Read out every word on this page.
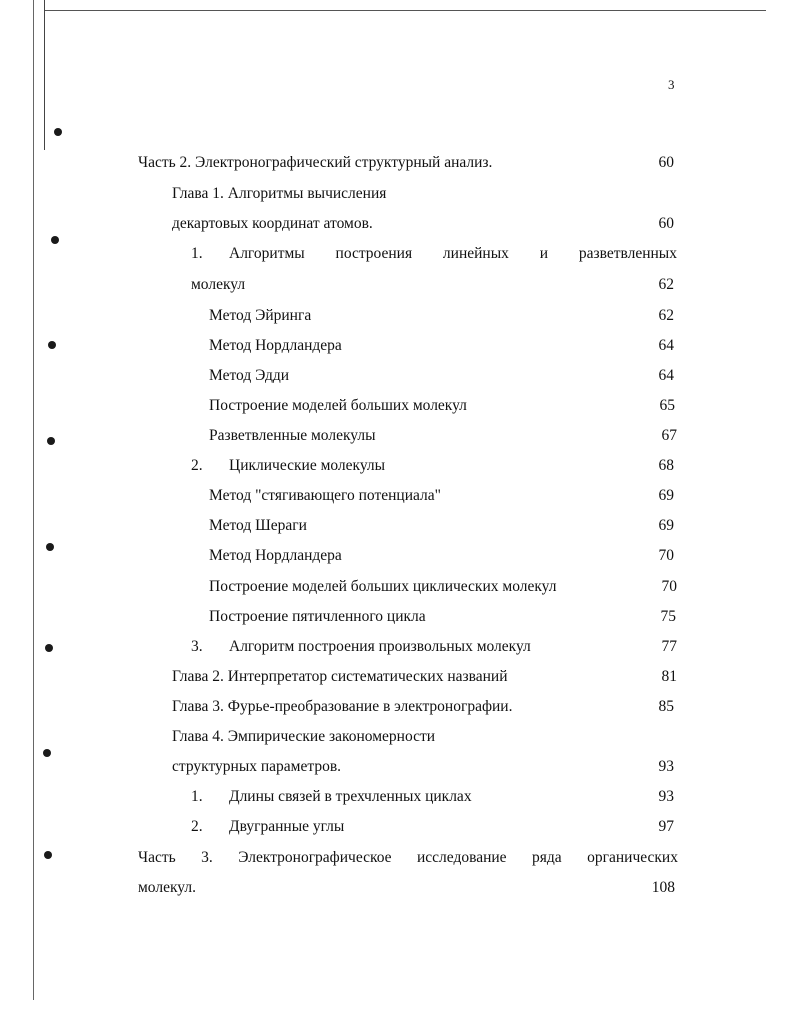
3
Часть 2. Электронографический структурный анализ.	60
Глава 1. Алгоритмы вычисления
декартовых координат атомов.	60
1. Алгоритмы построения линейных и разветвленных
молекул	62
Метод Эйринга	62
Метод Нордландера	64
Метод Эдди	64
Построение моделей больших молекул	65
Разветвленные молекулы	67
2. Циклические молекулы	68
Метод "стягивающего потенциала"	69
Метод Шераги	69
Метод Нордландера	70
Построение моделей больших циклических молекул	70
Построение пятичленного цикла	75
3. Алгоритм построения произвольных молекул	77
Глава 2. Интерпретатор систематических названий	81
Глава 3. Фурье-преобразование в электронографии.	85
Глава 4. Эмпирические закономерности
структурных параметров.	93
1. Длины связей в трехчленных циклах	93
2. Двугранные углы	97
Часть 3. Электронографическое исследование ряда органических
молекул.	108
